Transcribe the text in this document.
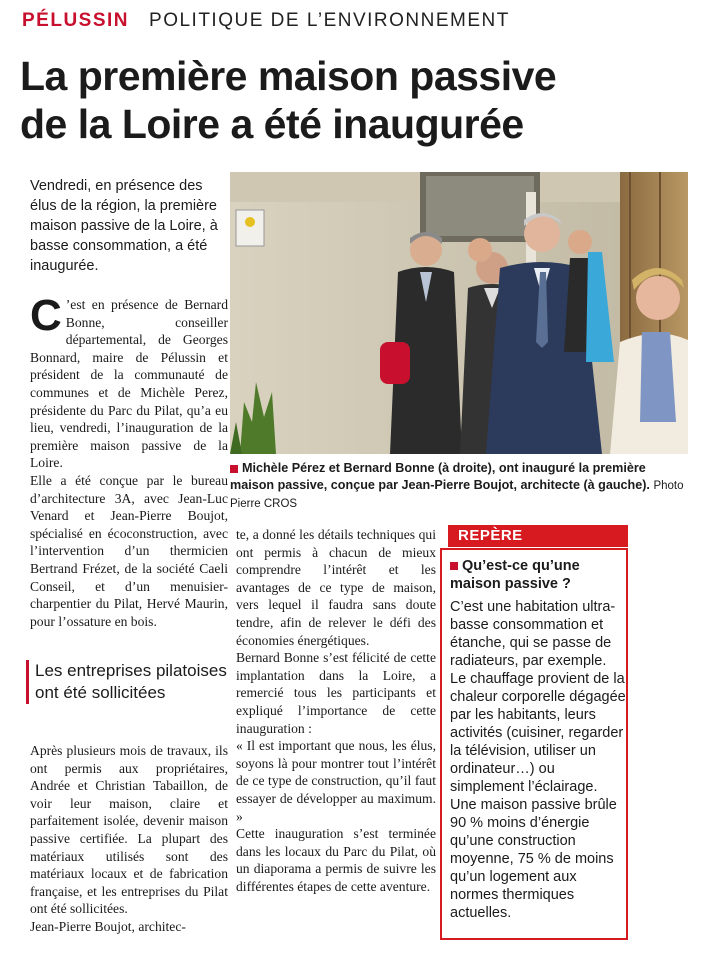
PÉLUSSIN POLITIQUE DE L’ENVIRONNEMENT
La première maison passive
de la Loire a été inaugurée
Vendredi, en présence des élus de la région, la première maison passive de la Loire, à basse consommation, a été inaugurée.

C ’est en présence de Bernard Bonne, conseiller départemental, de Georges Bonnard, maire de Pélussin et président de la communauté de communes et de Michèle Perez, présidente du Parc du Pilat, qu’a eu lieu, vendredi, l’inauguration de la première maison passive de la Loire.

Elle a été conçue par le bureau d’architecture 3A, avec Jean-Luc Venard et Jean-Pierre Boujot, spécialisé en écoconstruction, avec l’intervention d’un thermicien Bertrand Frézet, de la société Caeli Conseil, et d’un menuisier-charpentier du Pilat, Hervé Maurin, pour l’ossature en bois.

Les entreprises pilatoises ont été sollicitées

Après plusieurs mois de travaux, ils ont permis aux propriétaires, Andrée et Christian Tabaillon, de voir leur maison, claire et parfaitement isolée, devenir maison passive certifiée. La plupart des matériaux utilisés sont des matériaux locaux et de fabrication française, et les entreprises du Pilat ont été sollicitées.

Jean-Pierre Boujot, architec-

te, a donné les détails techniques qui ont permis à chacun de mieux comprendre l’intérêt et les avantages de ce type de maison, vers lequel il faudra sans doute tendre, afin de relever le défi des économies énergétiques.

Bernard Bonne s’est félicité de cette implantation dans la Loire, a remercié tous les participants et expliqué l’importance de cette inauguration :

« Il est important que nous, les élus, soyons là pour montrer tout l’intérêt de ce type de construction, qu’il faut essayer de développer au maximum. »

Cette inauguration s’est terminée dans les locaux du Parc du Pilat, où un diaporama a permis de suivre les différentes étapes de cette aventure.

Michèle Pérez et Bernard Bonne (à droite), ont inauguré la première maison passive, conçue par Jean-Pierre Boujot, architecte (à gauche). Photo Pierre CROS
REPÈRE
Qu’est-ce qu’une maison passive ?
C’est une habitation ultra-basse consommation et étanche, qui se passe de radiateurs, par exemple. Le chauffage provient de la chaleur corporelle dégagée par les habitants, leurs activités (cuisiner, regarder la télévision, utiliser un ordinateur…) ou simplement l’éclairage. Une maison passive brûle 90 % moins d’énergie qu’une construction moyenne, 75 % de moins qu’un logement aux normes thermiques actuelles.
